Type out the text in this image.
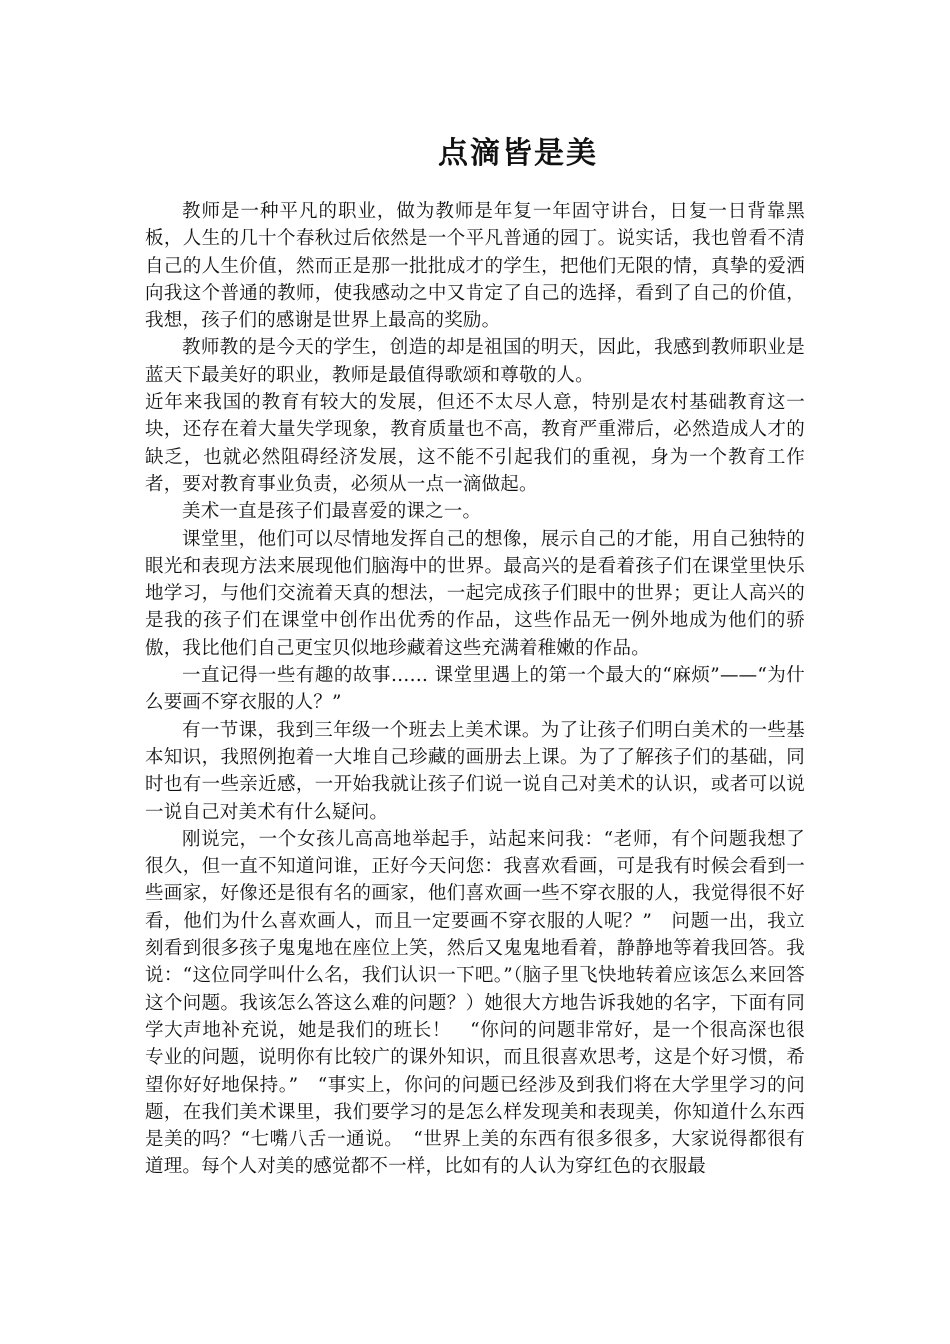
点滴皆是美

教师是一种平凡的职业，做为教师是年复一年固守讲台，日复一日背靠黑板，人生的几十个春秋过后依然是一个平凡普通的园丁。说实话，我也曾看不清自己的人生价值，然而正是那一批批成才的学生，把他们无限的情，真挚的爱洒向我这个普通的教师，使我感动之中又肯定了自己的选择，看到了自己的价值，我想，孩子们的感谢是世界上最高的奖励。

教师教的是今天的学生，创造的却是祖国的明天，因此，我感到教师职业是蓝天下最美好的职业，教师是最值得歌颂和尊敬的人。

近年来我国的教育有较大的发展，但还不太尽人意，特别是农村基础教育这一块，还存在着大量失学现象，教育质量也不高，教育严重滞后，必然造成人才的缺乏，也就必然阻碍经济发展，这不能不引起我们的重视，身为一个教育工作者，要对教育事业负责，必须从一点一滴做起。

美术一直是孩子们最喜爱的课之一。

课堂里，他们可以尽情地发挥自己的想像，展示自己的才能，用自己独特的眼光和表现方法来展现他们脑海中的世界。最高兴的是看着孩子们在课堂里快乐地学习，与他们交流着天真的想法，一起完成孩子们眼中的世界；更让人高兴的是我的孩子们在课堂中创作出优秀的作品，这些作品无一例外地成为他们的骄傲，我比他们自己更宝贝似地珍藏着这些充满着稚嫩的作品。

一直记得一些有趣的故事…… 课堂里遇上的第一个最大的“麻烦”——“为什么要画不穿衣服的人？”

有一节课，我到三年级一个班去上美术课。为了让孩子们明白美术的一些基本知识，我照例抱着一大堆自己珍藏的画册去上课。为了了解孩子们的基础，同时也有一些亲近感，一开始我就让孩子们说一说自己对美术的认识，或者可以说一说自己对美术有什么疑问。

刚说完，一个女孩儿高高地举起手，站起来问我：“老师，有个问题我想了很久，但一直不知道问谁，正好今天问您：我喜欢看画，可是我有时候会看到一些画家，好像还是很有名的画家，他们喜欢画一些不穿衣服的人，我觉得很不好看，他们为什么喜欢画人，而且一定要画不穿衣服的人呢？”　问题一出，我立刻看到很多孩子鬼鬼地在座位上笑，然后又鬼鬼地看着，静静地等着我回答。我说：“这位同学叫什么名，我们认识一下吧。”（脑子里飞快地转着应该怎么来回答这个问题。我该怎么答这么难的问题？）她很大方地告诉我她的名字，下面有同学大声地补充说，她是我们的班长！　“你问的问题非常好，是一个很高深也很专业的问题，说明你有比较广的课外知识，而且很喜欢思考，这是个好习惯，希望你好好地保持。”　“事实上，你问的问题已经涉及到我们将在大学里学习的问题，在我们美术课里，我们要学习的是怎么样发现美和表现美，你知道什么东西是美的吗？“七嘴八舌一通说。　“世界上美的东西有很多很多，大家说得都很有道理。每个人对美的感觉都不一样，比如有的人认为穿红色的衣服最
